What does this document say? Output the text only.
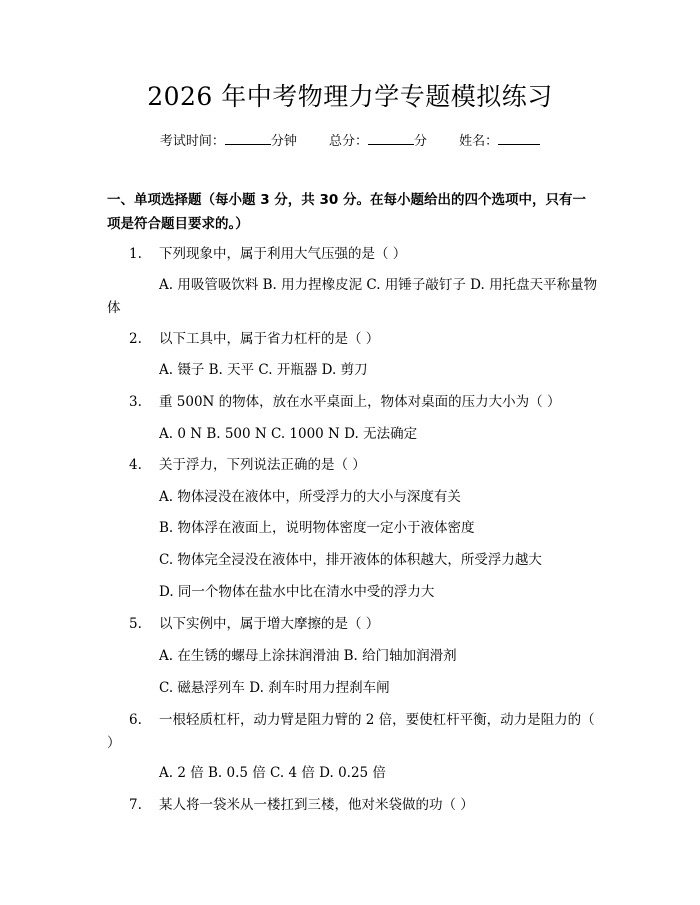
2026 年中考物理力学专题模拟练习
考试时间：	分钟 总分：	分 姓名：
一、单项选择题（每小题 3 分，共 30 分。在每小题给出的四个选项中，只有一项是符合题目要求的。）
1. 下列现象中，属于利用大气压强的是（ ）
A. 用吸管吸饮料 B. 用力捏橡皮泥 C. 用锤子敲钉子 D. 用托盘天平称量物体
2. 以下工具中，属于省力杠杆的是（ ）
A. 镊子 B. 天平 C. 开瓶器 D. 剪刀
3. 重 500N 的物体，放在水平桌面上，物体对桌面的压力大小为（ ）
A. 0 N B. 500 N C. 1000 N D. 无法确定
4. 关于浮力，下列说法正确的是（ ）
A. 物体浸没在液体中，所受浮力的大小与深度有关
B. 物体浮在液面上，说明物体密度一定小于液体密度
C. 物体完全浸没在液体中，排开液体的体积越大，所受浮力越大
D. 同一个物体在盐水中比在清水中受的浮力大
5. 以下实例中，属于增大摩擦的是（ ）
A. 在生锈的螺母上涂抹润滑油 B. 给门轴加润滑剂
C. 磁悬浮列车 D. 刹车时用力捏刹车闸
6. 一根轻质杠杆，动力臂是阻力臂的 2 倍，要使杠杆平衡，动力是阻力的（ ）
A. 2 倍 B. 0.5 倍 C. 4 倍 D. 0.25 倍
7. 某人将一袋米从一楼扛到三楼，他对米袋做的功（ ）
